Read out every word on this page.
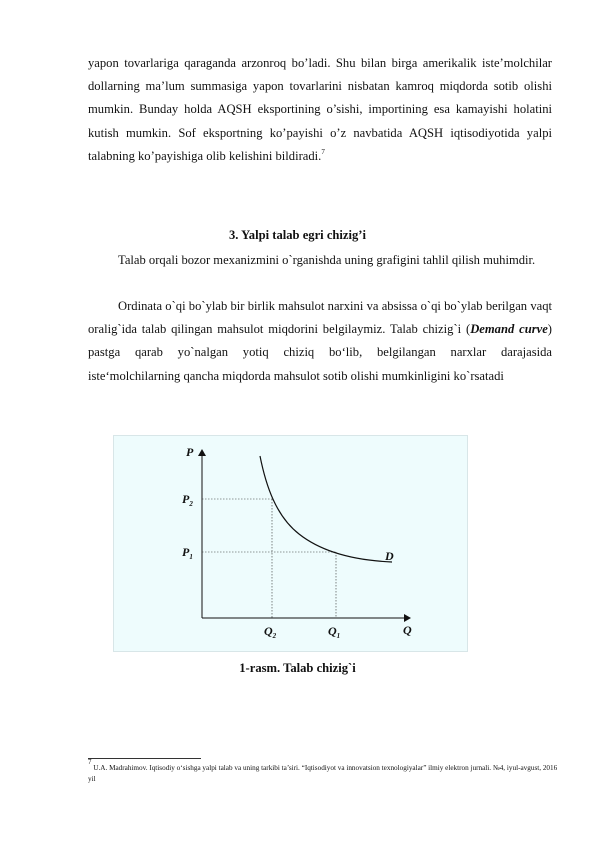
yapon tovarlariga qaraganda arzonroq bo’ladi. Shu bilan birga amerikalik iste’molchilar dollarning ma’lum summasiga yapon tovarlarini nisbatan kamroq miqdorda sotib olishi mumkin. Bunday holda AQSH eksportining o’sishi, importining esa kamayishi holatini kutish mumkin. Sof eksportning ko’payishi o’z navbatida AQSH iqtisodiyotida yalpi talabning ko’payishiga olib kelishini bildiradi.$^7$

3. Yalpi talab egri chizig’i

Talab orqali bozor mexanizmini o`rganishda uning grafigini tahlil qilish muhimdir.

Ordinata o`qi bo`ylab bir birlik mahsulot narxini va absissa o`qi bo`ylab berilgan vaqt oralig`ida talab qilingan mahsulot miqdorini belgilaymiz. Talab chizig`i (Demand curve) pastga qarab yo`nalgan yotiq chiziq bo‘lib, belgilangan narxlar darajasida iste‘molchilarning qancha miqdorda mahsulot sotib olishi mumkinligini ko`rsatadi

P
Q
$P_2$
$P_1$
$Q_2$	$Q_1$
D
1-rasm. Talab chizig`i
$^7$ U.A. Madrahimov. Iqtisodiy o‘sishga yalpi talab va uning tarkibi ta’siri. “Iqtisodiyot va innovatsion texnologiyalar” ilmiy elektron jurnali. №4, iyul-avgust, 2016 yil
